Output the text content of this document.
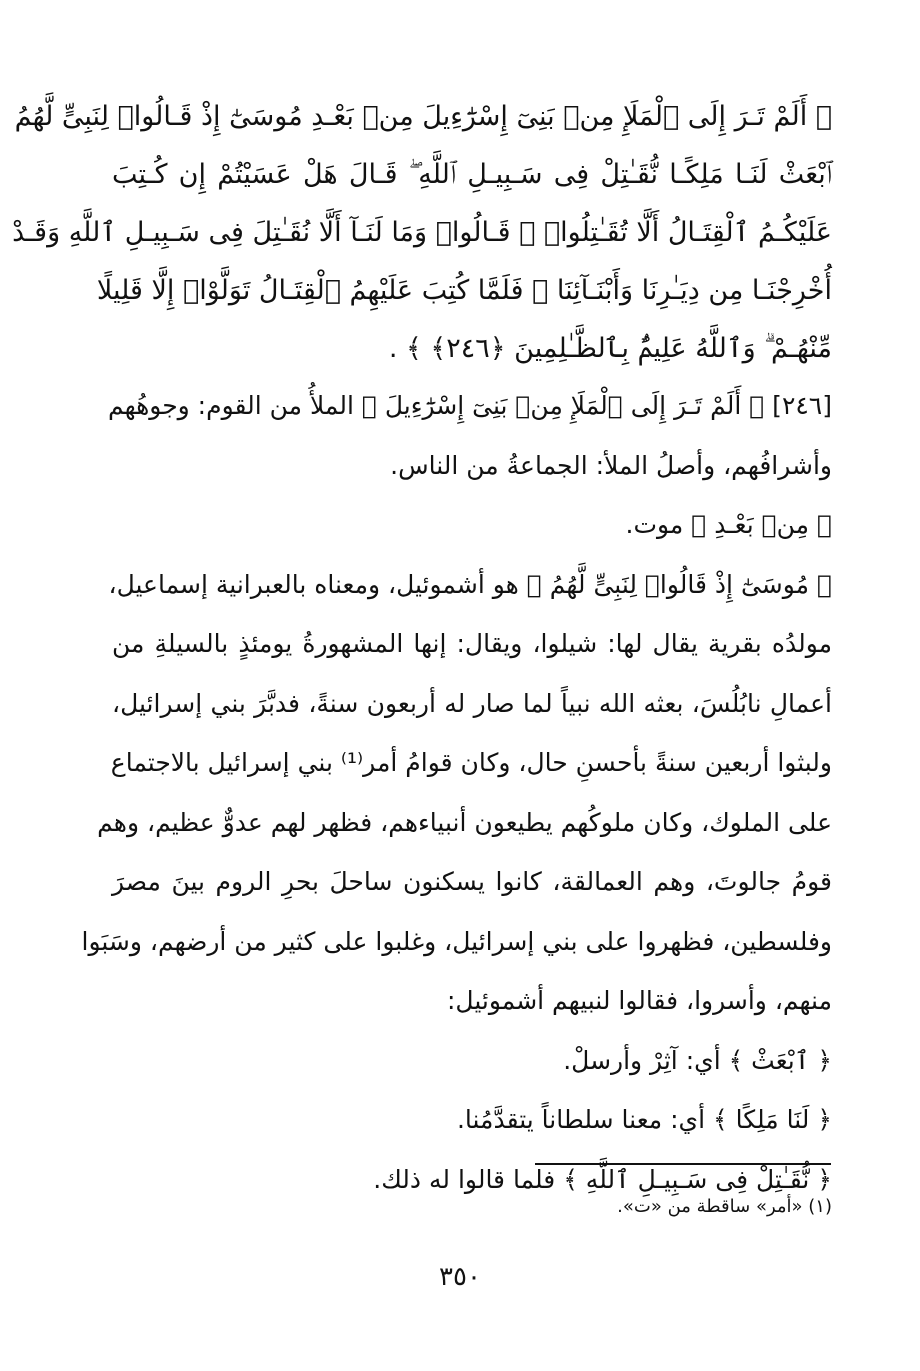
﴿ أَلَمْ تَـرَ إِلَى ٱلْمَلَإِ مِنۢ بَنِىٓ إِسْرَٰٓءِيلَ مِنۢ بَعْـدِ مُوسَىٰٓ إِذْ قَـالُوا۟ لِنَبِىٍّ لَّهُمُ
ٱبْعَثْ لَنَـا مَلِكًـا نُّقَـٰتِلْ فِى سَـبِيـلِ ٱللَّهِ ۖ قَـالَ هَلْ عَسَيْتُمْ إِن كُـتِبَ
عَلَيْكُـمُ ٱلْقِتَـالُ أَلَّا تُقَـٰتِلُوا۟ ۖ قَـالُوا۟ وَمَا لَنَـآ أَلَّا نُقَـٰتِلَ فِى سَـبِيـلِ ٱللَّهِ وَقَـدْ
أُخْرِجْنَـا مِن دِيَـٰرِنَا وَأَبْنَـآئِنَا ۖ فَلَمَّا كُتِبَ عَلَيْهِمُ ٱلْقِتَـالُ تَوَلَّوْا۟ إِلَّا قَلِيلًا
مِّنْهُـمْ ۗ وَٱللَّهُ عَلِيمٌۢ بِٱلظَّـٰلِمِينَ ﴿٢٤٦﴾ ﴾ .
[٢٤٦] ﴿ أَلَمْ تَـرَ إِلَى ٱلْمَلَإِ مِنۢ بَنِىٓ إِسْرَٰٓءِيلَ ﴾ الملأُ من القوم: وجوهُهم
وأشرافُهم، وأصلُ الملأ: الجماعةُ من الناس.
﴿ مِنۢ بَعْـدِ ﴾ موت.
﴿ مُوسَىٰٓ إِذْ قَالُوا۟ لِنَبِىٍّ لَّهُمُ ﴾ هو أشموئيل، ومعناه بالعبرانية إسماعيل،
مولدُه بقرية يقال لها: شيلوا، ويقال: إنها المشهورةُ يومئذٍ بالسيلةِ من
أعمالِ نابُلُسَ، بعثه الله نبياً لما صار له أربعون سنةً، فدبَّرَ بني إسرائيل،
ولبثوا أربعين سنةً بأحسنِ حال، وكان قوامُ أمر⁽¹⁾ بني إسرائيل بالاجتماع
على الملوك، وكان ملوكُهم يطيعون أنبياءهم، فظهر لهم عدوٌّ عظيم، وهم
قومُ جالوتَ، وهم العمالقة، كانوا يسكنون ساحلَ بحرِ الروم بينَ مصرَ
وفلسطين، فظهروا على بني إسرائيل، وغلبوا على كثير من أرضهم، وسَبَوا
منهم، وأسروا، فقالوا لنبيهم أشموئيل:
﴿ ٱبْعَثْ ﴾ أي: آثِرْ وأرسلْ.
﴿ لَنَا مَلِكًا ﴾ أي: معنا سلطاناً يتقدَّمُنا.
﴿ نُّقَـٰتِلْ فِى سَـبِيـلِ ٱللَّهِ ﴾ فلما قالوا له ذلك.
(١) «أمر» ساقطة من «ت».
٣٥٠
